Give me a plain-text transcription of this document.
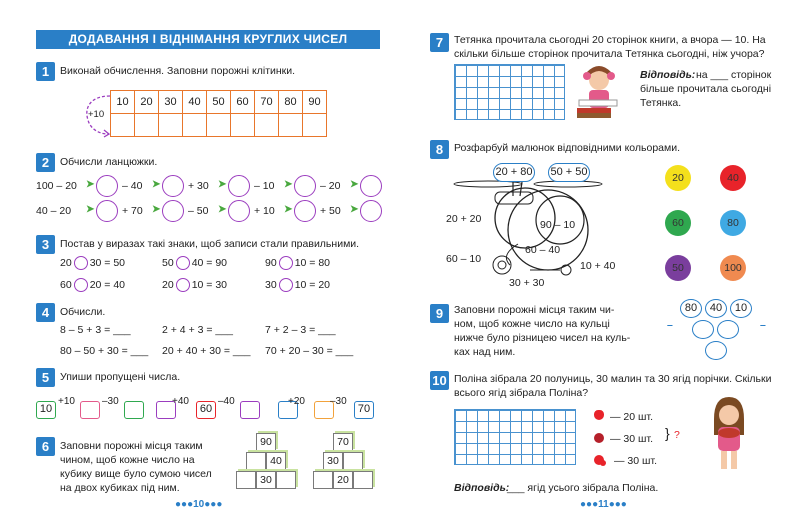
ДОДАВАННЯ І ВІДНІМАННЯ КРУГЛИХ ЧИСЕЛ
1	Виконай обчислення. Заповни порожні клітинки.
+10
10	20	30	40	50	60	70	80	90

2	Обчисли ланцюжки.
100 – 20 ➤	– 40 ➤	+ 30 ➤	– 10 ➤	– 20 ➤
40 – 20 ➤	+ 70 ➤	– 50 ➤	+ 10 ➤	+ 50 ➤
3	Постав у виразах такі знаки, щоб записи стали правильними.
20 30 = 50	50 40 = 90	90 10 = 80
60 20 = 40	20 10 = 30	30 10 = 20
4	Обчисли.
8 – 5 + 3 = ___	2 + 4 + 3 = ___	7 + 2 – 3 = ___
80 – 50 + 30 = ___ 20 + 40 + 30 = ___ 70 + 20 – 30 = ___
5	Упиши пропущені числа.
10	60	70
+10	–30	+40	–40	+20	–30
6	Заповни порожні місця таким
чином, щоб кожне число на
кубику вище було сумою чисел
на двох кубиках під ним.
90
40
30
70
30
20
●●●10●●●
7	Тетянка прочитала сьогодні 20 сторінок книги, а вчора — 10. На
скільки більше сторінок прочитала Тетянка сьогодні, ніж учора?
Відповідь: на ___ сторінок
більше прочитала сьогодні
Тетянка.
8	Розфарбуй малюнок відповідними кольорами.
20 + 80 50 + 50
20 + 20	90 – 10
60 – 40
60 – 10
10 + 40
30 + 30
20	40
60	80
50	100
9	Заповни порожні місця таким чи-
ном, щоб кожне число на кульці
нижче було різницею чисел на куль-
ках над ним.
80	40	10
–	–
10 Поліна зібрала 20 полуниць, 30 малин та 30 ягід порічки. Скільки
всього ягід зібрала Поліна?
— 20 шт.
— 30 шт.
— 30 шт.
} ?
Відповідь:
___ ягід усього зібрала Поліна.
●●●11●●●
